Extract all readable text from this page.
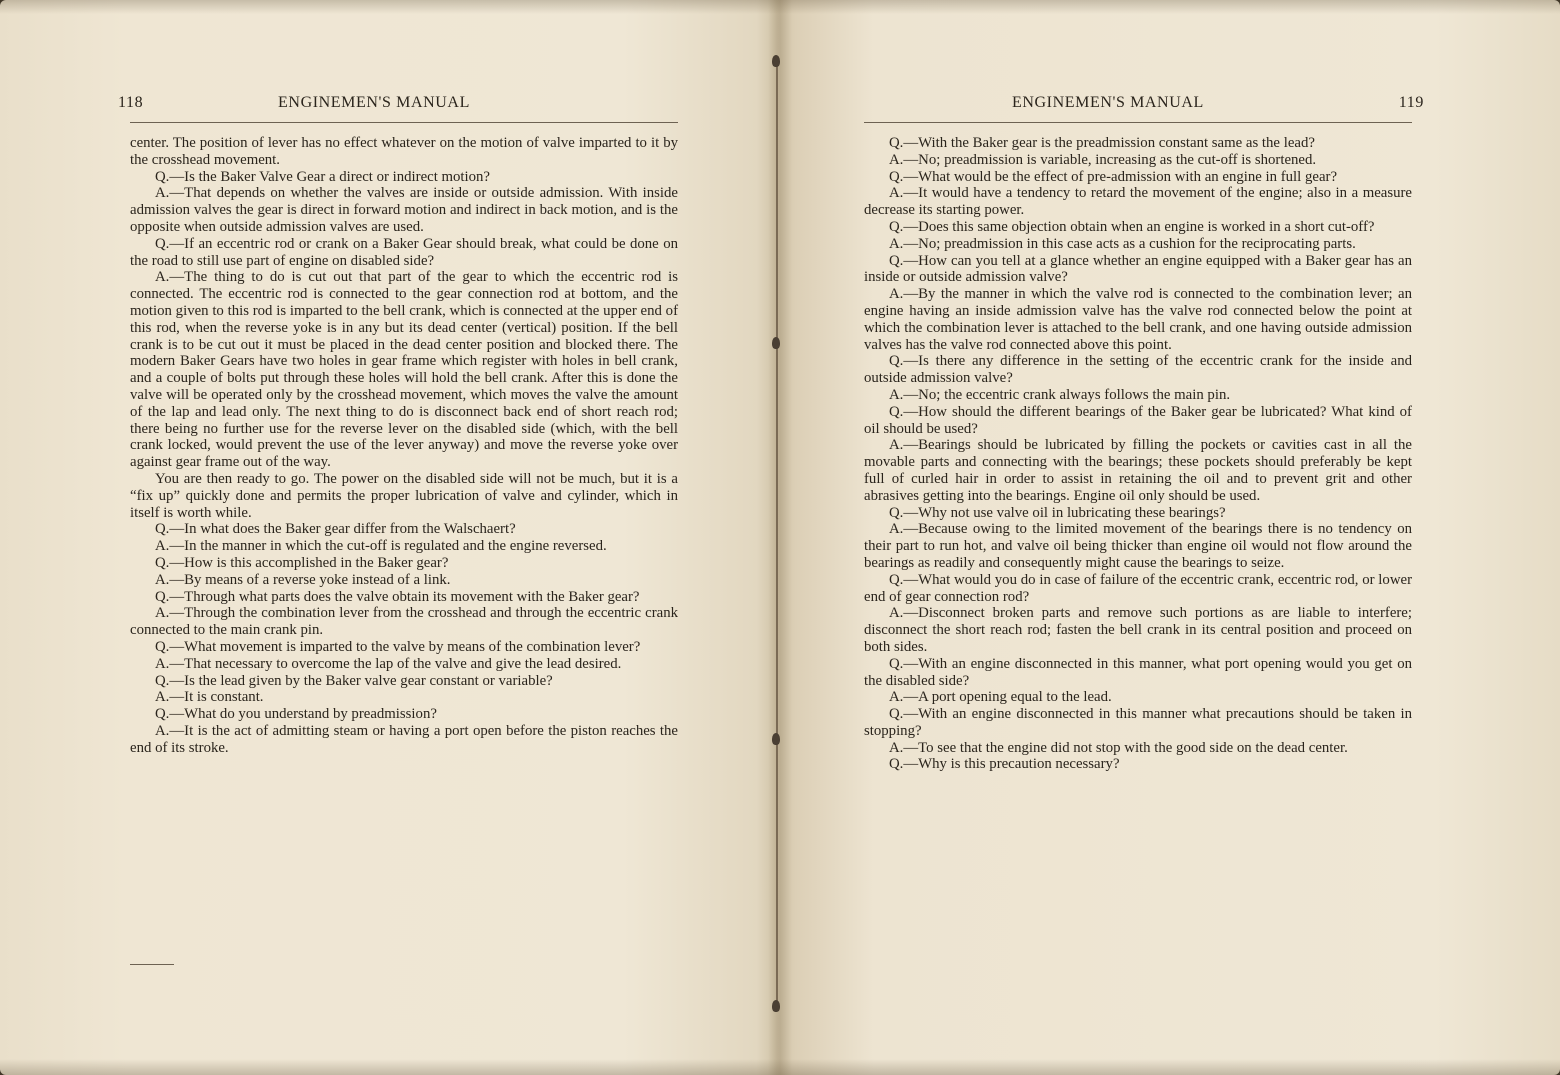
118	ENGINEMEN'S MANUAL

center. The position of lever has no effect whatever on the motion of valve imparted to it by the crosshead movement.

Q.—Is the Baker Valve Gear a direct or indirect motion?

A.—That depends on whether the valves are inside or outside admission. With inside admission valves the gear is direct in forward motion and indirect in back motion, and is the opposite when outside admission valves are used.

Q.—If an eccentric rod or crank on a Baker Gear should break, what could be done on the road to still use part of engine on disabled side?

A.—The thing to do is cut out that part of the gear to which the eccentric rod is connected. The eccentric rod is connected to the gear connection rod at bottom, and the motion given to this rod is imparted to the bell crank, which is connected at the upper end of this rod, when the reverse yoke is in any but its dead center (vertical) position. If the bell crank is to be cut out it must be placed in the dead center position and blocked there. The modern Baker Gears have two holes in gear frame which register with holes in bell crank, and a couple of bolts put through these holes will hold the bell crank. After this is done the valve will be operated only by the crosshead movement, which moves the valve the amount of the lap and lead only. The next thing to do is disconnect back end of short reach rod; there being no further use for the reverse lever on the disabled side (which, with the bell crank locked, would prevent the use of the lever anyway) and move the reverse yoke over against gear frame out of the way.

You are then ready to go. The power on the disabled side will not be much, but it is a “fix up” quickly done and permits the proper lubrication of valve and cylinder, which in itself is worth while.

Q.—In what does the Baker gear differ from the Walschaert?

A.—In the manner in which the cut-off is regulated and the engine reversed.

Q.—How is this accomplished in the Baker gear?

A.—By means of a reverse yoke instead of a link.

Q.—Through what parts does the valve obtain its movement with the Baker gear?

A.—Through the combination lever from the crosshead and through the eccentric crank connected to the main crank pin.

Q.—What movement is imparted to the valve by means of the combination lever?

A.—That necessary to overcome the lap of the valve and give the lead desired.

Q.—Is the lead given by the Baker valve gear constant or variable?

A.—It is constant.

Q.—What do you understand by preadmission?

A.—It is the act of admitting steam or having a port open before the piston reaches the end of its stroke.

ENGINEMEN'S MANUAL	119

Q.—With the Baker gear is the preadmission constant same as the lead?

A.—No; preadmission is variable, increasing as the cut-off is shortened.

Q.—What would be the effect of pre-admission with an engine in full gear?

A.—It would have a tendency to retard the movement of the engine; also in a measure decrease its starting power.

Q.—Does this same objection obtain when an engine is worked in a short cut-off?

A.—No; preadmission in this case acts as a cushion for the reciprocating parts.

Q.—How can you tell at a glance whether an engine equipped with a Baker gear has an inside or outside admission valve?

A.—By the manner in which the valve rod is connected to the combination lever; an engine having an inside admission valve has the valve rod connected below the point at which the combination lever is attached to the bell crank, and one having outside admission valves has the valve rod connected above this point.

Q.—Is there any difference in the setting of the eccentric crank for the inside and outside admission valve?

A.—No; the eccentric crank always follows the main pin.

Q.—How should the different bearings of the Baker gear be lubricated? What kind of oil should be used?

A.—Bearings should be lubricated by filling the pockets or cavities cast in all the movable parts and connecting with the bearings; these pockets should preferably be kept full of curled hair in order to assist in retaining the oil and to prevent grit and other abrasives getting into the bearings. Engine oil only should be used.

Q.—Why not use valve oil in lubricating these bearings?

A.—Because owing to the limited movement of the bearings there is no tendency on their part to run hot, and valve oil being thicker than engine oil would not flow around the bearings as readily and consequently might cause the bearings to seize.

Q.—What would you do in case of failure of the eccentric crank, eccentric rod, or lower end of gear connection rod?

A.—Disconnect broken parts and remove such portions as are liable to interfere; disconnect the short reach rod; fasten the bell crank in its central position and proceed on both sides.

Q.—With an engine disconnected in this manner, what port opening would you get on the disabled side?

A.—A port opening equal to the lead.

Q.—With an engine disconnected in this manner what precautions should be taken in stopping?

A.—To see that the engine did not stop with the good side on the dead center.

Q.—Why is this precaution necessary?
